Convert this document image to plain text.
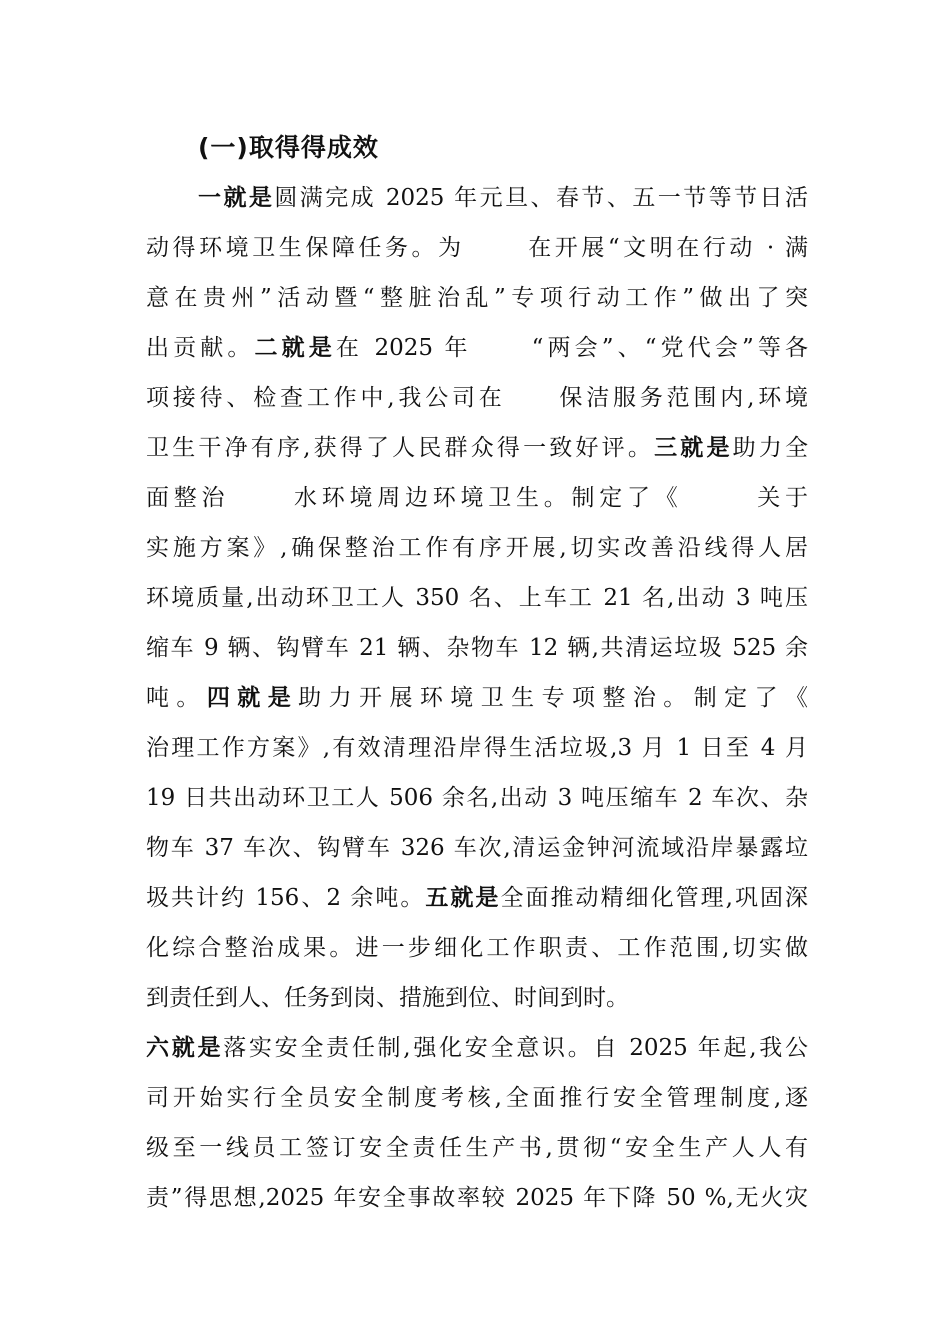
(一)取得得成效
一就是圆满完成 2025 年元旦、春节、五一节等节日活
动得环境卫生保障任务。为	在开展“文明在行动 · 满
意在贵州”活动暨“整脏治乱”专项行动工作”做出了突
出贡献。二就是在 2025 年	“两会”、“党代会”等各
项接待、检查工作中,我公司在 保洁服务范围内,环境
卫生干净有序,获得了人民群众得一致好评。三就是助力全
面整治	水环境周边环境卫生。制定了《	关于
实施方案》,确保整治工作有序开展,切实改善沿线得人居
环境质量,出动环卫工人 350 名、上车工 21 名,出动 3 吨压
缩车 9 辆、钩臂车 21 辆、杂物车 12 辆,共清运垃圾 525 余
吨。四就是助力开展环境卫生专项整治。制定了《
治理工作方案》,有效清理沿岸得生活垃圾,3 月 1 日至 4 月
19 日共出动环卫工人 506 余名,出动 3 吨压缩车 2 车次、杂
物车 37 车次、钩臂车 326 车次,清运金钟河流域沿岸暴露垃
圾共计约 156、2 余吨。五就是全面推动精细化管理,巩固深
化综合整治成果。进一步细化工作职责、工作范围,切实做
到责任到人、任务到岗、措施到位、时间到时。
六就是落实安全责任制,强化安全意识。自 2025 年起,我公
司开始实行全员安全制度考核,全面推行安全管理制度,逐
级至一线员工签订安全责任生产书,贯彻“安全生产人人有
责”得思想,2025 年安全事故率较 2025 年下降 50 %,无火灾
